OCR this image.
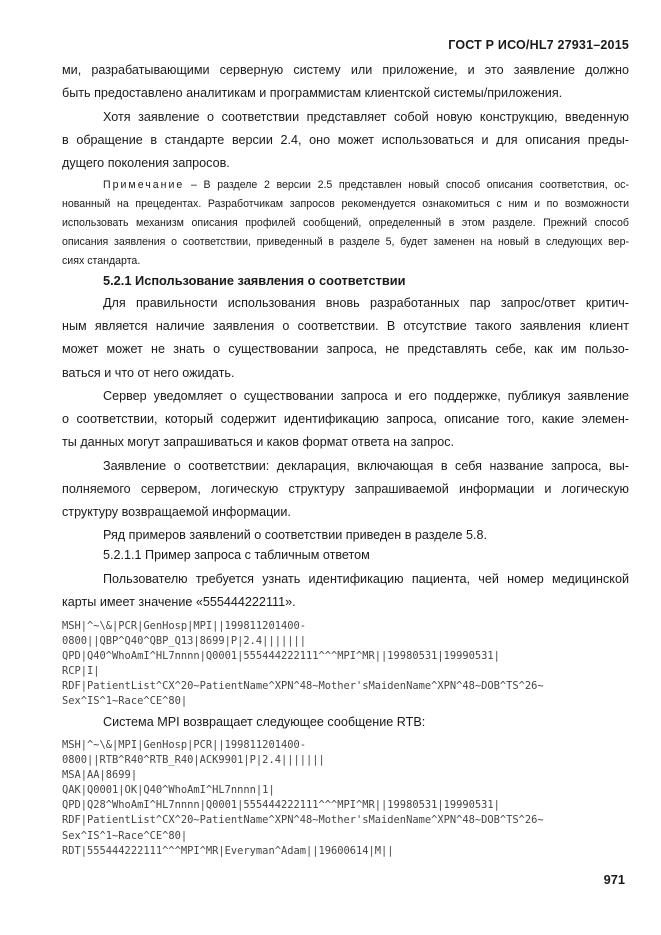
ГОСТ Р ИСО/HL7 27931–2015

ми, разрабатывающими серверную систему или приложение, и это заявление должно
быть предоставлено аналитикам и программистам клиентской системы/приложения.

Хотя заявление о соответствии представляет собой новую конструкцию, введенную
в обращение в стандарте версии 2.4, оно может использоваться и для описания преды-
дущего поколения запросов.

Примечание – В разделе 2 версии 2.5 представлен новый способ описания соответствия, ос-
нованный на прецедентах. Разработчикам запросов рекомендуется ознакомиться с ним и по возможности
использовать механизм описания профилей сообщений, определенный в этом разделе. Прежний способ
описания заявления о соответствии, приведенный в разделе 5, будет заменен на новый в следующих вер-
сиях стандарта.

5.2.1 Использование заявления о соответствии

Для правильности использования вновь разработанных пар запрос/ответ критич-
ным является наличие заявления о соответствии. В отсутствие такого заявления клиент
может может не знать о существовании запроса, не представлять себе, как им пользо-
ваться и что от него ожидать.

Сервер уведомляет о существовании запроса и его поддержке, публикуя заявление
о соответствии, который содержит идентификацию запроса, описание того, какие элемен-
ты данных могут запрашиваться и каков формат ответа на запрос.

Заявление о соответствии: декларация, включающая в себя название запроса, вы-
полняемого сервером, логическую структуру запрашиваемой информации и логическую
структуру возвращаемой информации.

Ряд примеров заявлений о соответствии приведен в разделе 5.8.

5.2.1.1 Пример запроса с табличным ответом

Пользователю требуется узнать идентификацию пациента, чей номер медицинской
карты имеет значение «555444222111».

MSH|^~\&|PCR|GenHosp|MPI||199811201400-
0800||QBP^Q40^QBP_Q13|8699|P|2.4|||||||
QPD|Q40^WhoAmI^HL7nnnn|Q0001|555444222111^^^MPI^MR||19980531|19990531|
RCP|I|
RDF|PatientList^CX^20~PatientName^XPN^48~Mother'sMaidenName^XPN^48~DOB^TS^26~
Sex^IS^1~Race^CE^80|

Система MPI возвращает следующее сообщение RTB:

MSH|^~\&|MPI|GenHosp|PCR||199811201400-
0800||RTB^R40^RTB_R40|ACK9901|P|2.4|||||||
MSA|AA|8699|
QAK|Q0001|OK|Q40^WhoAmI^HL7nnnn|1|
QPD|Q28^WhoAmI^HL7nnnn|Q0001|555444222111^^^MPI^MR||19980531|19990531|
RDF|PatientList^CX^20~PatientName^XPN^48~Mother'sMaidenName^XPN^48~DOB^TS^26~
Sex^IS^1~Race^CE^80|
RDT|555444222111^^^MPI^MR|Everyman^Adam||19600614|M||
971
